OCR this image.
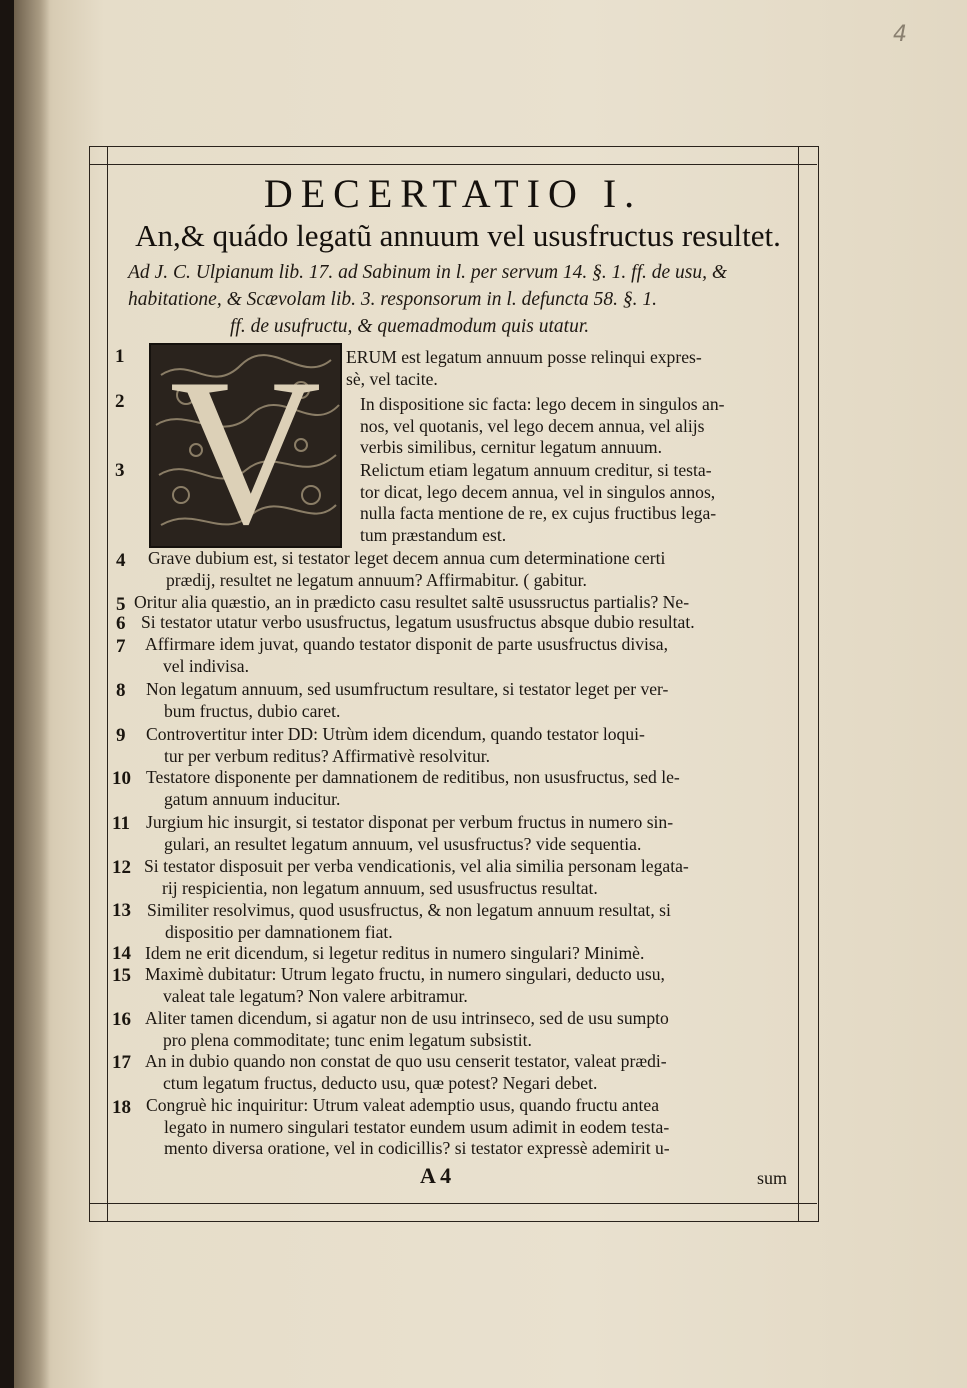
4
DECERTATIO I.
An,& quádo legatũ annuum vel ususfructus resultet.
Ad J. C. Ulpianum lib. 17. ad Sabinum in l. per servum 14. §. 1. ff. de usu, &
habitatione, & Scævolam lib. 3. responsorum in l. defuncta 58. §. 1.
ff. de usufructu, & quemadmodum quis utatur.
V
1	ERUM est legatum annuum posse relinqui expres-
sè, vel tacite.
2	In dispositione sic facta: lego decem in singulos an-
nos, vel quotanis, vel lego decem annua, vel alijs
verbis similibus, cernitur legatum annuum.
3	Relictum etiam legatum annuum creditur, si testa-
tor dicat, lego decem annua, vel in singulos annos,
nulla facta mentione de re, ex cujus fructibus lega-
tum præstandum est.
4 Grave dubium est, si testator leget decem annua cum determinatione certi
prædij, resultet ne legatum annuum? Affirmabitur. ( gabitur.
5 Oritur alia quæstio, an in prædicto casu resultet saltē usussructus partialis? Ne-
6 Si testator utatur verbo ususfructus, legatum ususfructus absque dubio resultat.
7 Affirmare idem juvat, quando testator disponit de parte ususfructus divisa,
vel indivisa.
8 Non legatum annuum, sed usumfructum resultare, si testator leget per ver-
bum fructus, dubio caret.
9 Controvertitur inter DD: Utrùm idem dicendum, quando testator loqui-
tur per verbum reditus? Affirmativè resolvitur.
10 Testatore disponente per damnationem de reditibus, non ususfructus, sed le-
gatum annuum inducitur.
11 Jurgium hic insurgit, si testator disponat per verbum fructus in numero sin-
gulari, an resultet legatum annuum, vel ususfructus? vide sequentia.
12 Si testator disposuit per verba vendicationis, vel alia similia personam legata-
rij respicientia, non legatum annuum, sed ususfructus resultat.
13 Similiter resolvimus, quod ususfructus, & non legatum annuum resultat, si
dispositio per damnationem fiat.
14 Idem ne erit dicendum, si legetur reditus in numero singulari? Minimè.
15 Maximè dubitatur: Utrum legato fructu, in numero singulari, deducto usu,
valeat tale legatum? Non valere arbitramur.
16 Aliter tamen dicendum, si agatur non de usu intrinseco, sed de usu sumpto
pro plena commoditate; tunc enim legatum subsistit.
17 An in dubio quando non constat de quo usu censerit testator, valeat prædi-
ctum legatum fructus, deducto usu, quæ potest? Negari debet.
18 Congruè hic inquiritur: Utrum valeat ademptio usus, quando fructu antea
legato in numero singulari testator eundem usum adimit in eodem testa-
mento diversa oratione, vel in codicillis? si testator expressè ademirit u-
A 4	sum
